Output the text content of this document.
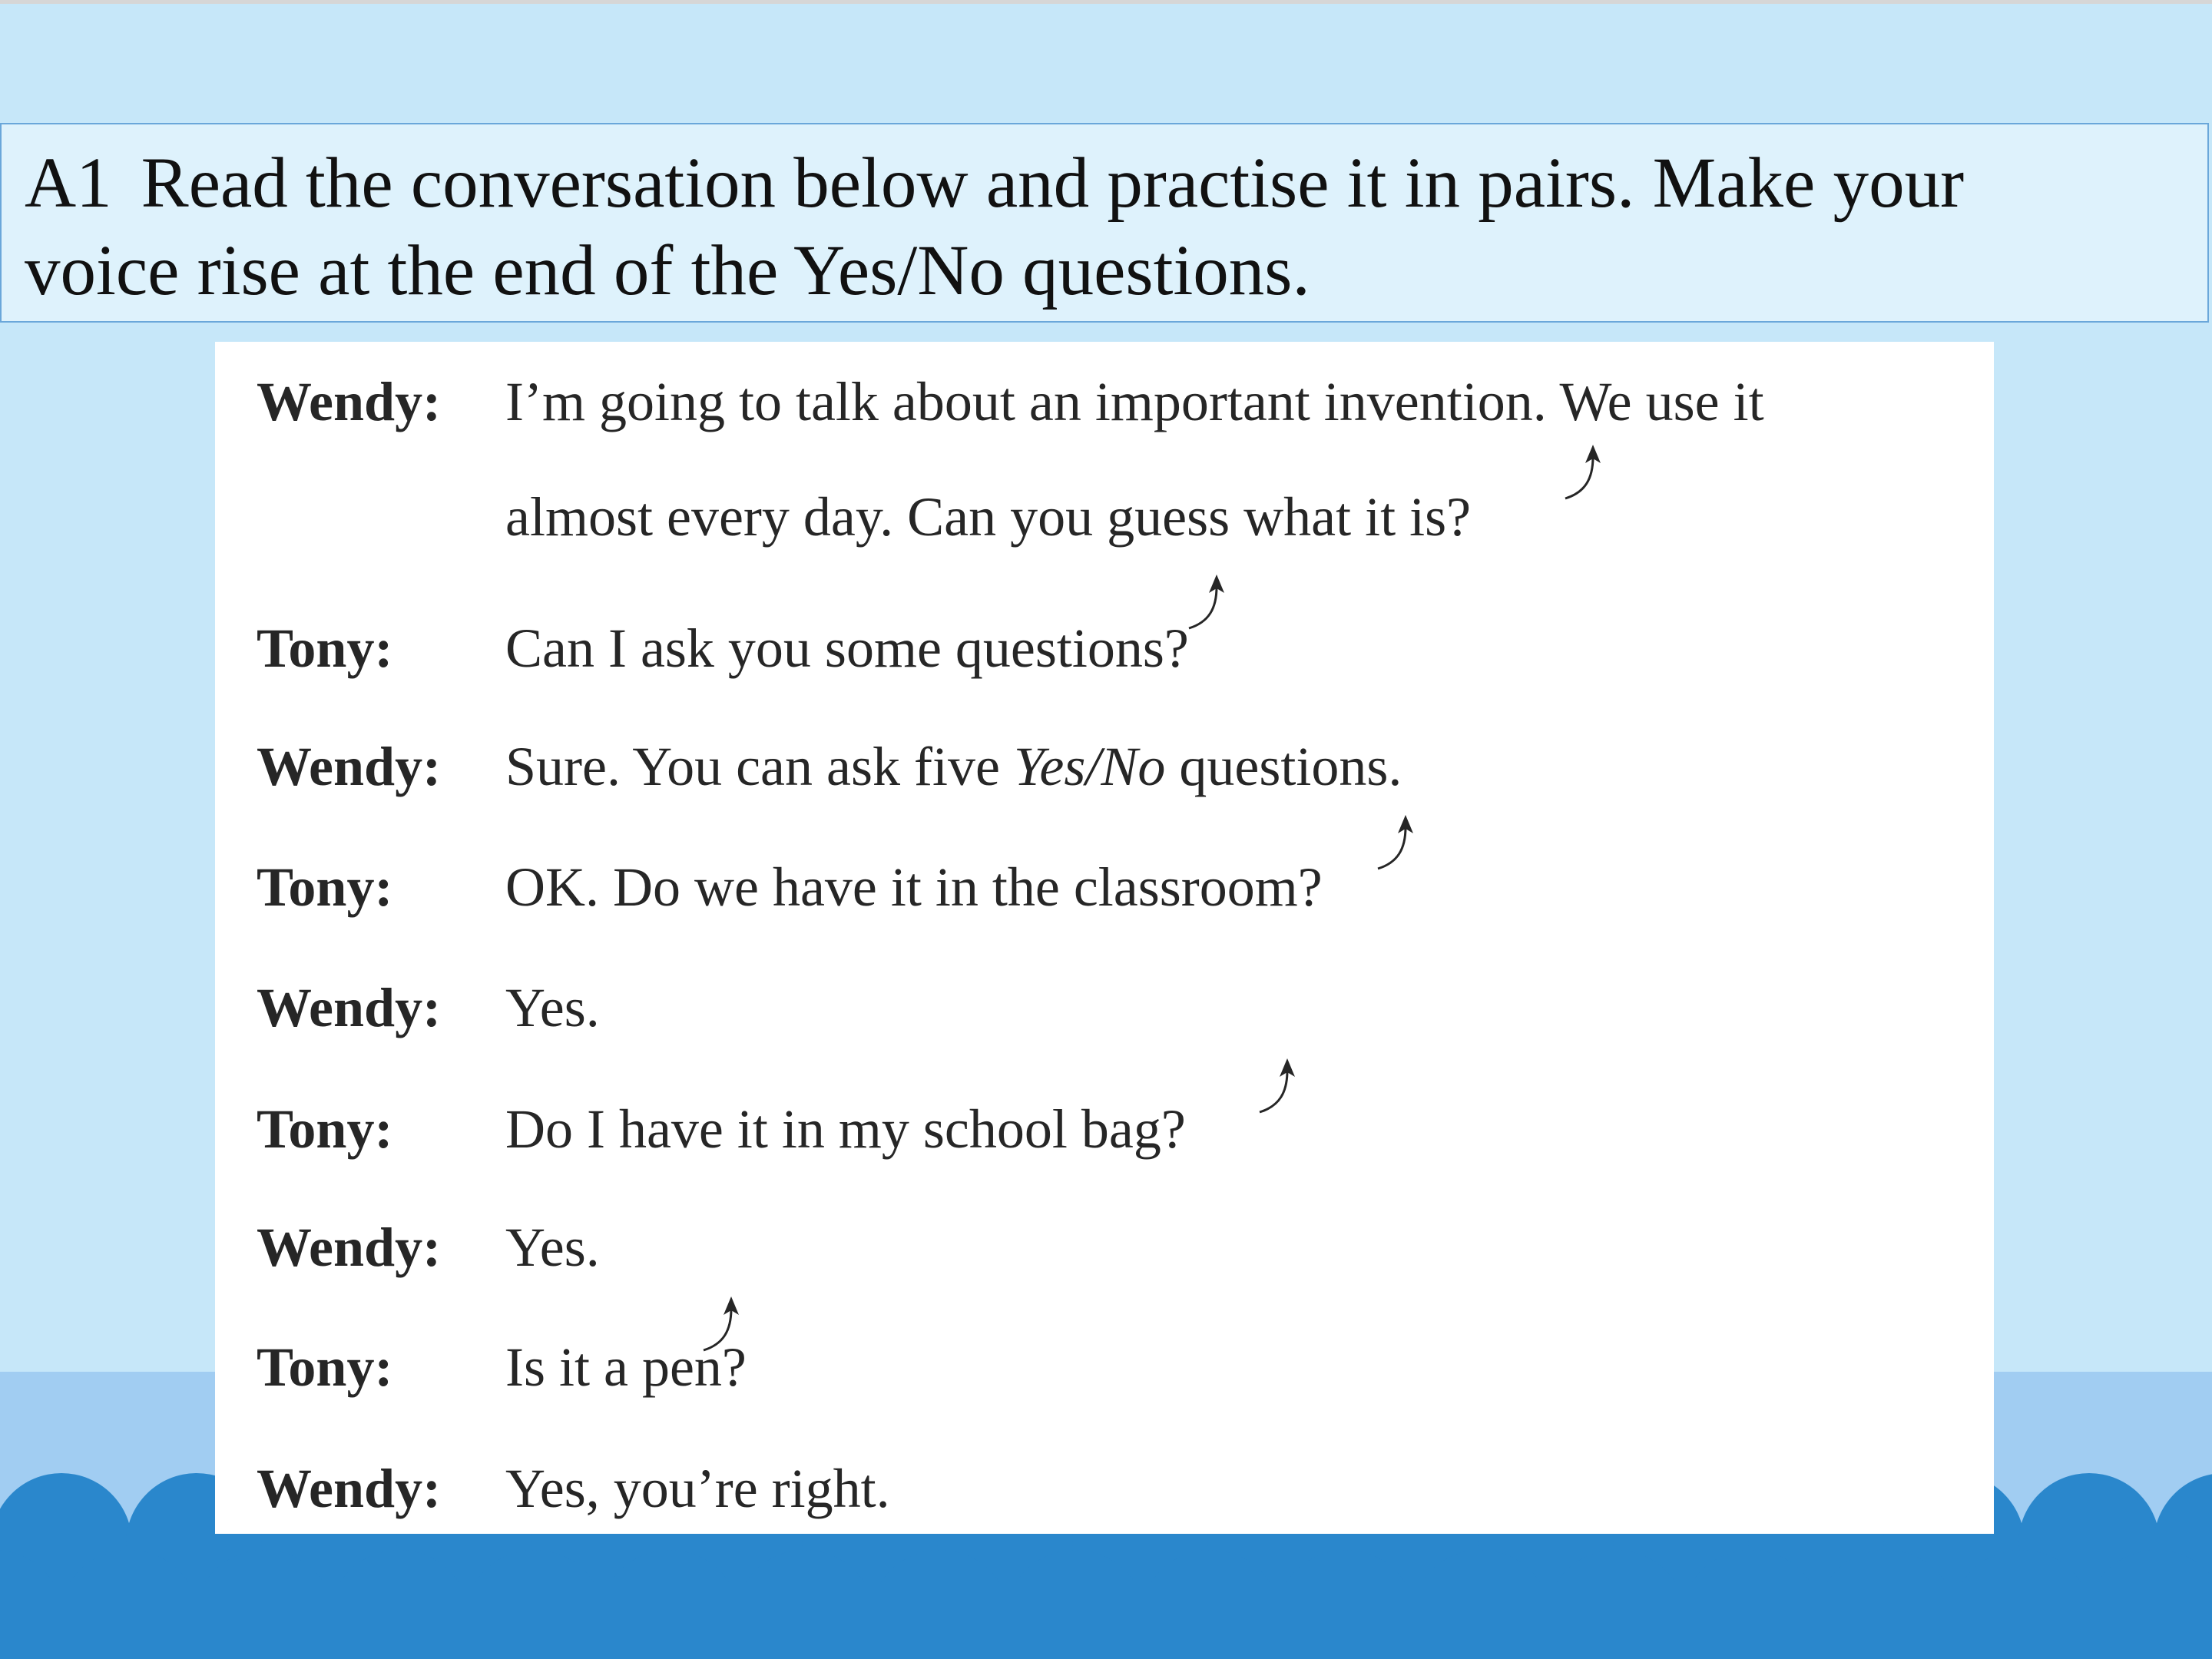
A1 Read the conversation below and practise it in pairs. Make your
voice rise at the end of the Yes/No questions.
Wendy: I’m going to talk about an important invention. We use it
almost every day. Can you guess what it is?
Tony: Can I ask you some questions?
Wendy: Sure. You can ask five Yes/No questions.
Tony: OK. Do we have it in the classroom?
Wendy: Yes.
Tony: Do I have it in my school bag?
Wendy: Yes.
Tony: Is it a pen?
Wendy: Yes, you’re right.
